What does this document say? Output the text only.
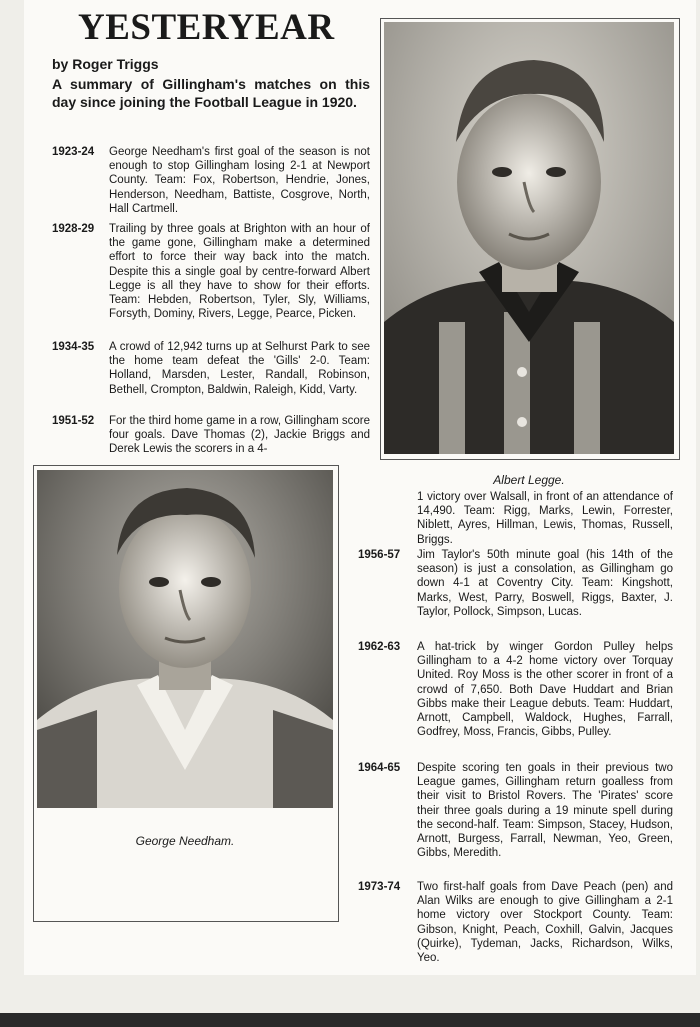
YESTERYEAR
by Roger Triggs
A summary of Gillingham's matches on this day since joining the Football League in 1920.
1923-24 George Needham's first goal of the season is not enough to stop Gillingham losing 2-1 at Newport County. Team: Fox, Robertson, Hendrie, Jones, Henderson, Needham, Battiste, Cosgrove, North, Hall Cartmell.
1928-29 Trailing by three goals at Brighton with an hour of the game gone, Gillingham make a determined effort to force their way back into the match. Despite this a single goal by centre-forward Albert Legge is all they have to show for their efforts. Team: Hebden, Robertson, Tyler, Sly, Williams, Forsyth, Dominy, Rivers, Legge, Pearce, Picken.
1934-35 A crowd of 12,942 turns up at Selhurst Park to see the home team defeat the 'Gills' 2-0. Team: Holland, Marsden, Lester, Randall, Robinson, Bethell, Crompton, Baldwin, Raleigh, Kidd, Varty.
1951-52 For the third home game in a row, Gillingham score four goals. Dave Thomas (2), Jackie Briggs and Derek Lewis the scorers in a 4-
Albert Legge.
George Needham.
1 victory over Walsall, in front of an attendance of 14,490. Team: Rigg, Marks, Lewin, Forrester, Niblett, Ayres, Hillman, Lewis, Thomas, Russell, Briggs.
1956-57 Jim Taylor's 50th minute goal (his 14th of the season) is just a consolation, as Gillingham go down 4-1 at Coventry City. Team: Kingshott, Marks, West, Parry, Boswell, Riggs, Baxter, J. Taylor, Pollock, Simpson, Lucas.
1962-63 A hat-trick by winger Gordon Pulley helps Gillingham to a 4-2 home victory over Torquay United. Roy Moss is the other scorer in front of a crowd of 7,650. Both Dave Huddart and Brian Gibbs make their League debuts. Team: Huddart, Arnott, Campbell, Waldock, Hughes, Farrall, Godfrey, Moss, Francis, Gibbs, Pulley.
1964-65 Despite scoring ten goals in their previous two League games, Gillingham return goalless from their visit to Bristol Rovers. The 'Pirates' score their three goals during a 19 minute spell during the second-half. Team: Simpson, Stacey, Hudson, Arnott, Burgess, Farrall, Newman, Yeo, Green, Gibbs, Meredith.
1973-74 Two first-half goals from Dave Peach (pen) and Alan Wilks are enough to give Gillingham a 2-1 home victory over Stockport County. Team: Gibson, Knight, Peach, Coxhill, Galvin, Jacques (Quirke), Tydeman, Jacks, Richardson, Wilks, Yeo.
